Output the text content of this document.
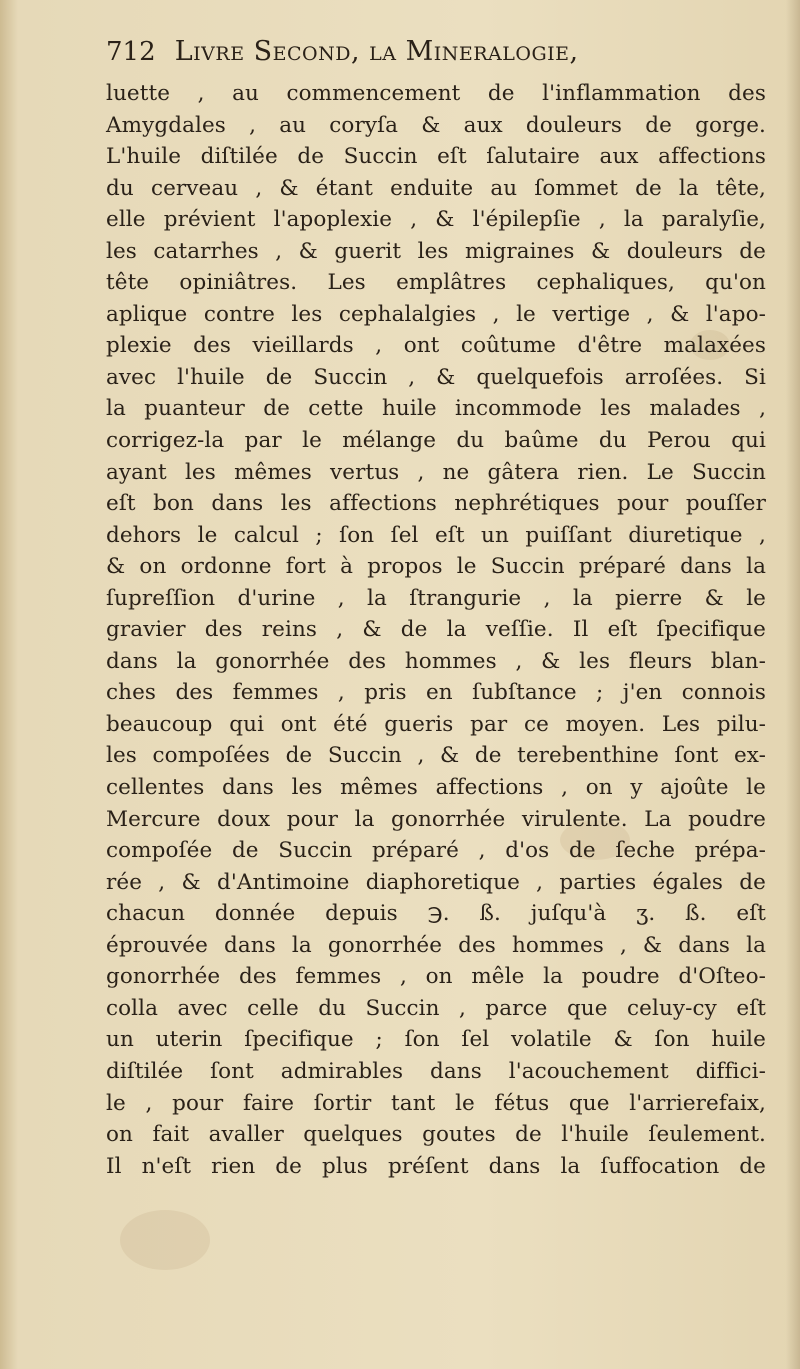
712 Livre Second, la Mineralogie,
luette , au commencement de l'inflammation des
Amygdales , au coryſa & aux douleurs de gorge.
L'huile diſtilée de Succin eſt ſalutaire aux affections
du cerveau , & étant enduite au ſommet de la tête,
elle prévient l'apoplexie , & l'épilepſie , la paralyſie,
les catarrhes , & guerit les migraines & douleurs de
tête opiniâtres. Les emplâtres cephaliques, qu'on
aplique contre les cephalalgies , le vertige , & l'apo-
plexie des vieillards , ont coûtume d'être malaxées
avec l'huile de Succin , & quelquefois arroſées. Si
la puanteur de cette huile incommode les malades ,
corrigez-la par le mélange du baûme du Perou qui
ayant les mêmes vertus , ne gâtera rien. Le Succin
eſt bon dans les affections nephrétiques pour pouſſer
dehors le calcul ; ſon ſel eſt un puiſſant diuretique ,
& on ordonne fort à propos le Succin préparé dans la
ſupreſſion d'urine , la ſtrangurie , la pierre & le
gravier des reins , & de la veſſie. Il eſt ſpecifique
dans la gonorrhée des hommes , & les fleurs blan-
ches des femmes , pris en ſubſtance ; j'en connois
beaucoup qui ont été gueris par ce moyen. Les pilu-
les compoſées de Succin , & de terebenthine ſont ex-
cellentes dans les mêmes affections , on y ajoûte le
Mercure doux pour la gonorrhée virulente. La poudre
compoſée de Succin préparé , d'os de ſeche prépa-
rée , & d'Antimoine diaphoretique , parties égales de
chacun donnée depuis ℈. ß. juſqu'à ʒ. ß. eſt
éprouvée dans la gonorrhée des hommes , & dans la
gonorrhée des femmes , on mêle la poudre d'Oſteo-
colla avec celle du Succin , parce que celuy-cy eſt
un uterin ſpecifique ; ſon ſel volatile & ſon huile
diſtilée ſont admirables dans l'acouchement diffici-
le , pour faire ſortir tant le fétus que l'arrierefaix,
on fait avaller quelques goutes de l'huile ſeulement.
Il n'eſt rien de plus préſent dans la ſuffocation de
